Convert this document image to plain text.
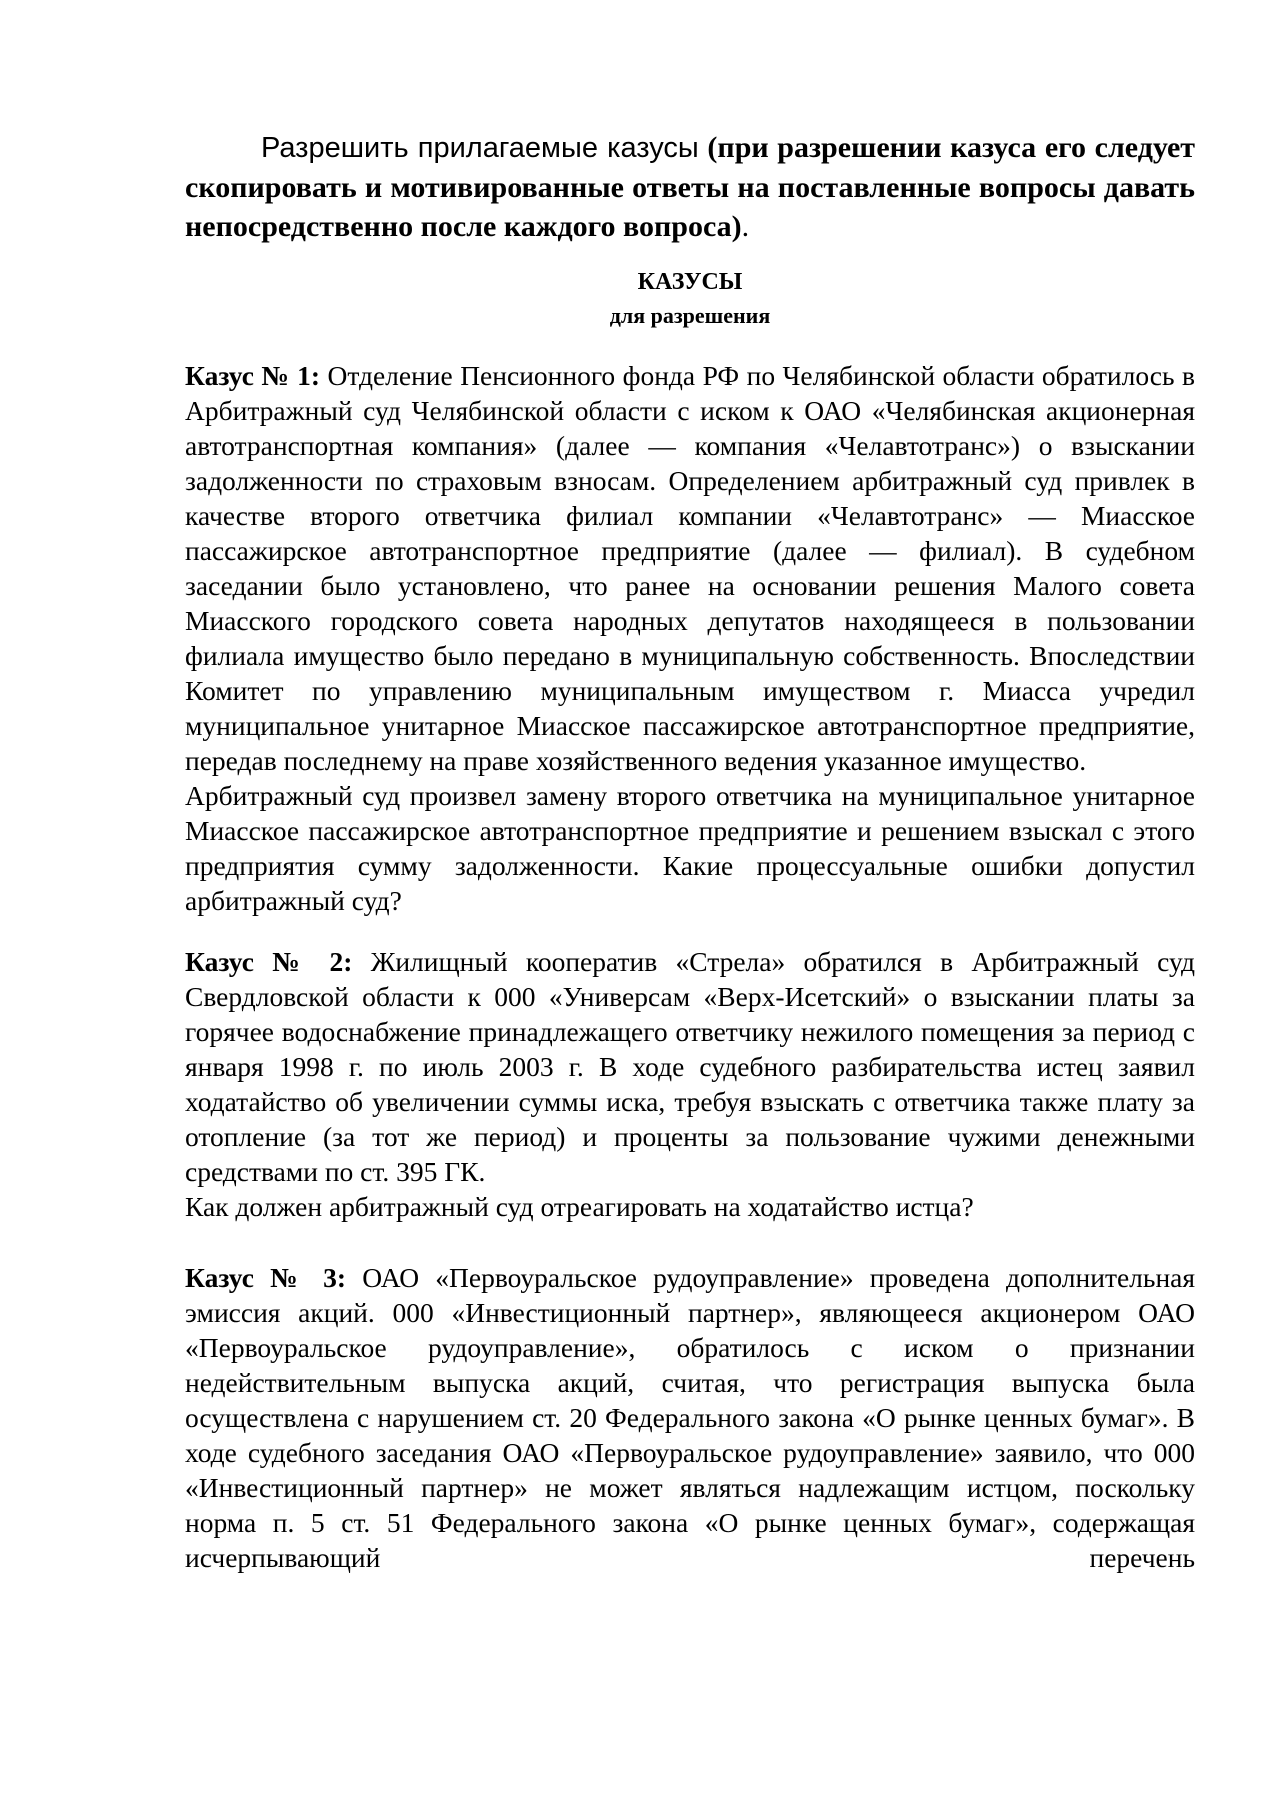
Разрешить прилагаемые казусы (при разрешении казуса его следует скопировать и мотивированные ответы на поставленные вопросы давать непосредственно после каждого вопроса).

КАЗУСЫ

для разрешения

Казус № 1: Отделение Пенсионного фонда РФ по Челябинской области обратилось в Арбитражный суд Челябинской области с иском к ОАО «Челябинская акционерная автотранспортная компания» (далее — компания «Челавтотранс») о взыскании задолженности по страховым взносам. Определением арбитражный суд привлек в качестве второго ответчика филиал компании «Челавтотранс» — Миасское пассажирское автотранспортное предприятие (далее — филиал). В судебном заседании было установлено, что ранее на основании решения Малого совета Миасского городского совета народных депутатов находящееся в пользовании филиала имущество было передано в муниципальную собственность. Впоследствии Комитет по управлению муниципальным имуществом г. Миасса учредил муниципальное унитарное Миасское пассажирское автотранспортное предприятие, передав последнему на праве хозяйственного ведения указанное имущество.

Арбитражный суд произвел замену второго ответчика на муниципальное унитарное Миасское пассажирское автотранспортное предприятие и решением взыскал с этого предприятия сумму задолженности. Какие процессуальные ошибки допустил арбитражный суд?

Казус № 2: Жилищный кооператив «Стрела» обратился в Арбитражный суд Свердловской области к 000 «Универсам «Верх-Исетский» о взыскании платы за горячее водоснабжение принадлежащего ответчику нежилого помещения за период с января 1998 г. по июль 2003 г. В ходе судебного разбирательства истец заявил ходатайство об увеличении суммы иска, требуя взыскать с ответчика также плату за отопление (за тот же период) и проценты за пользование чужими денежными средствами по ст. 395 ГК.

Как должен арбитражный суд отреагировать на ходатайство истца?

Казус № 3: ОАО «Первоуральское рудоуправление» проведена дополнительная эмиссия акций. 000 «Инвестиционный партнер», являющееся акционером ОАО «Первоуральское рудоуправление», обратилось с иском о признании недействительным выпуска акций, считая, что регистрация выпуска была осуществлена с нарушением ст. 20 Федерального закона «О рынке ценных бумаг». В ходе судебного заседания ОАО «Первоуральское рудоуправление» заявило, что 000 «Инвестиционный партнер» не может являться надлежащим истцом, поскольку норма п. 5 ст. 51 Федерального закона «О рынке ценных бумаг», содержащая исчерпывающий перечень
